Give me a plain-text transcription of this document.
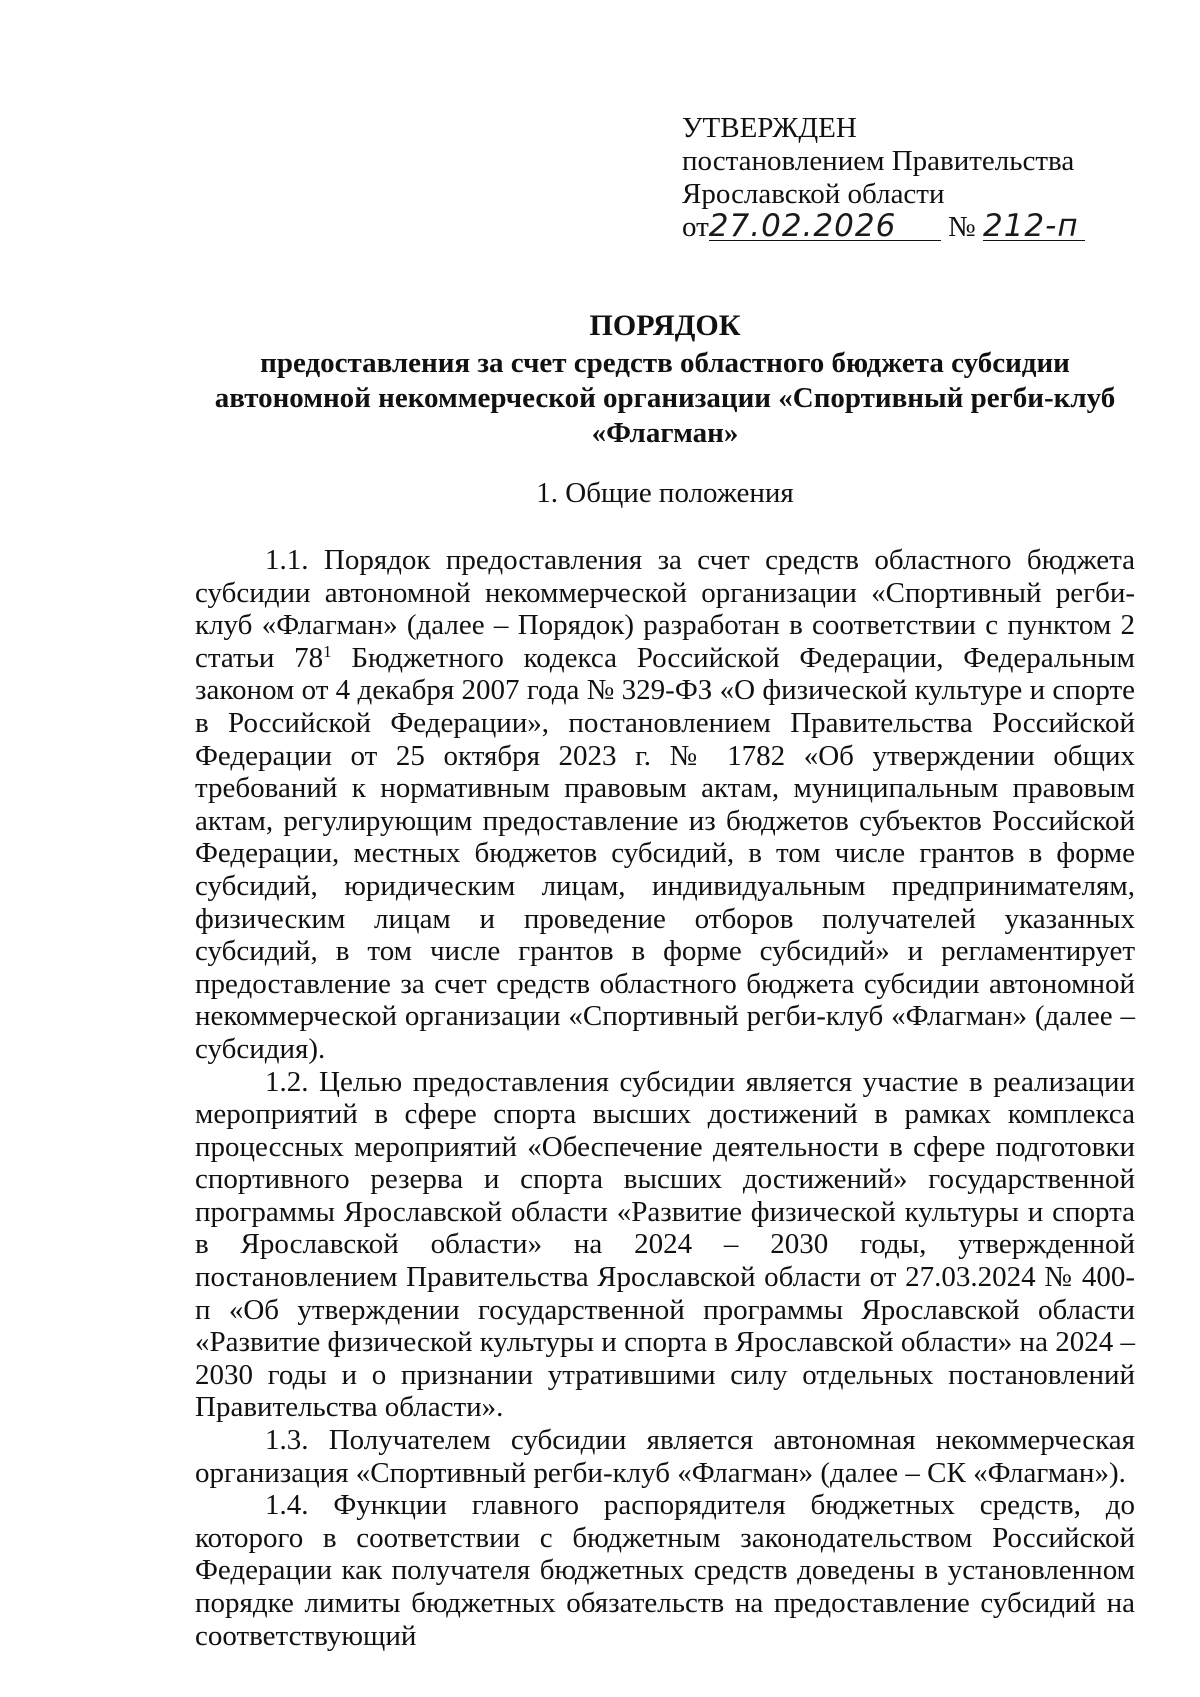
УТВЕРЖДЕН
постановлением Правительства
Ярославской области
от27.02.2026 № 212-п
ПОРЯДОК
предоставления за счет средств областного бюджета субсидии
автономной некоммерческой организации «Спортивный регби-клуб
«Флагман»
1. Общие положения

1.1. Порядок предоставления за счет средств областного бюджета субсидии автономной некоммерческой организации «Спортивный регби-клуб «Флагман» (далее – Порядок) разработан в соответствии с пунктом 2 статьи $78^1$ Бюджетного кодекса Российской Федерации, Федеральным законом от 4 декабря 2007 года № 329-ФЗ «О физической культуре и спорте в Российской Федерации», постановлением Правительства Российской Федерации от 25 октября 2023 г. № 1782 «Об утверждении общих требований к нормативным правовым актам, муниципальным правовым актам, регулирующим предоставление из бюджетов субъектов Российской Федерации, местных бюджетов субсидий, в том числе грантов в форме субсидий, юридическим лицам, индивидуальным предпринимателям, физическим лицам и проведение отборов получателей указанных субсидий, в том числе грантов в форме субсидий» и регламентирует предоставление за счет средств областного бюджета субсидии автономной некоммерческой организации «Спортивный регби-клуб «Флагман» (далее – субсидия).

1.2. Целью предоставления субсидии является участие в реализации мероприятий в сфере спорта высших достижений в рамках комплекса процессных мероприятий «Обеспечение деятельности в сфере подготовки спортивного резерва и спорта высших достижений» государственной программы Ярославской области «Развитие физической культуры и спорта в Ярославской области» на 2024 – 2030 годы, утвержденной постановлением Правительства Ярославской области от 27.03.2024 № 400-п «Об утверждении государственной программы Ярославской области «Развитие физической культуры и спорта в Ярославской области» на 2024 – 2030 годы и о признании утратившими силу отдельных постановлений Правительства области».

1.3. Получателем субсидии является автономная некоммерческая организация «Спортивный регби-клуб «Флагман» (далее – СК «Флагман»).

1.4. Функции главного распорядителя бюджетных средств, до которого в соответствии с бюджетным законодательством Российской Федерации как получателя бюджетных средств доведены в установленном порядке лимиты бюджетных обязательств на предоставление субсидий на соответствующий
